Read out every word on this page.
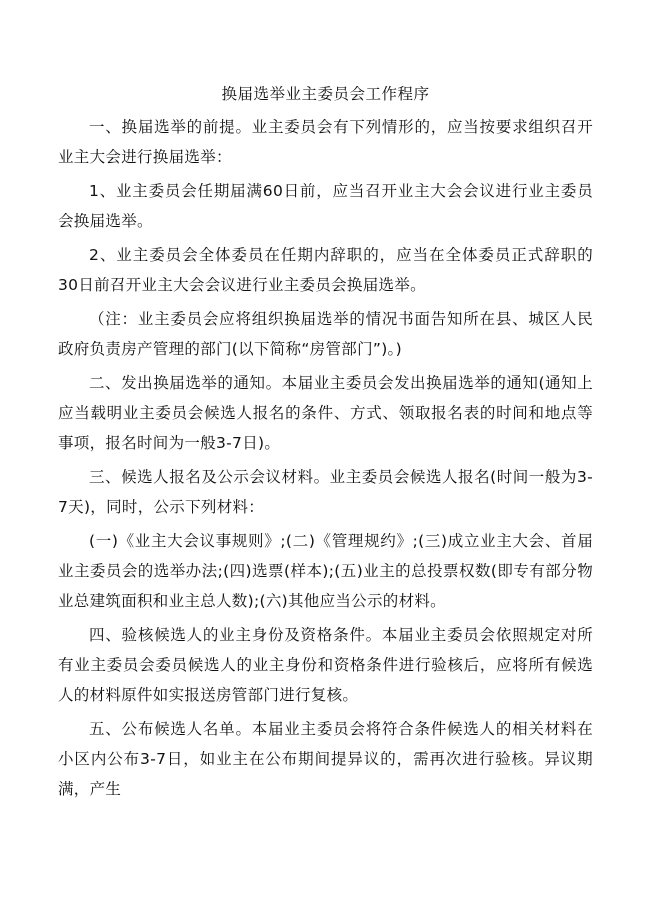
换届选举业主委员会工作程序

一、换届选举的前提。业主委员会有下列情形的，应当按要求组织召开业主大会进行换届选举：

1、业主委员会任期届满60日前，应当召开业主大会会议进行业主委员会换届选举。

2、业主委员会全体委员在任期内辞职的，应当在全体委员正式辞职的30日前召开业主大会会议进行业主委员会换届选举。

（注：业主委员会应将组织换届选举的情况书面告知所在县、城区人民政府负责房产管理的部门(以下简称“房管部门”)。)

二、发出换届选举的通知。本届业主委员会发出换届选举的通知(通知上应当载明业主委员会候选人报名的条件、方式、领取报名表的时间和地点等事项，报名时间为一般3-7日)。

三、候选人报名及公示会议材料。业主委员会候选人报名(时间一般为3-7天)，同时，公示下列材料：

(一)《业主大会议事规则》;(二)《管理规约》;(三)成立业主大会、首届业主委员会的选举办法;(四)选票(样本);(五)业主的总投票权数(即专有部分物业总建筑面积和业主总人数);(六)其他应当公示的材料。

四、验核候选人的业主身份及资格条件。本届业主委员会依照规定对所有业主委员会委员候选人的业主身份和资格条件进行验核后，应将所有候选人的材料原件如实报送房管部门进行复核。

五、公布候选人名单。本届业主委员会将符合条件候选人的相关材料在小区内公布3-7日，如业主在公布期间提异议的，需再次进行验核。异议期满，产生
